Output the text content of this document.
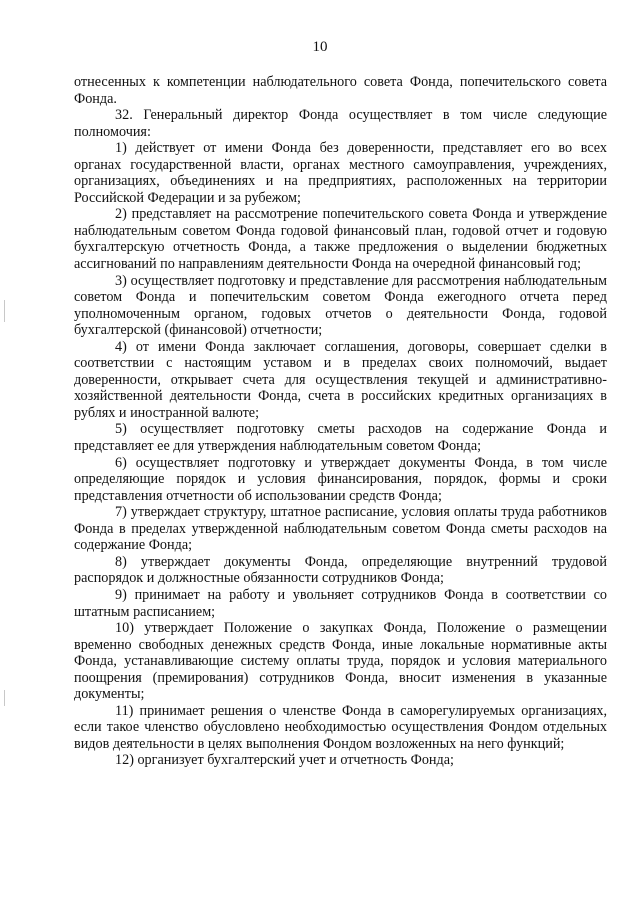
10

отнесенных к компетенции наблюдательного совета Фонда, попечительского совета Фонда.

32. Генеральный директор Фонда осуществляет в том числе следующие полномочия:

1) действует от имени Фонда без доверенности, представляет его во всех органах государственной власти, органах местного самоуправления, учреждениях, организациях, объединениях и на предприятиях, расположенных на территории Российской Федерации и за рубежом;

2) представляет на рассмотрение попечительского совета Фонда и утверждение наблюдательным советом Фонда годовой финансовый план, годовой отчет и годовую бухгалтерскую отчетность Фонда, а также предложения о выделении бюджетных ассигнований по направлениям деятельности Фонда на очередной финансовый год;

3) осуществляет подготовку и представление для рассмотрения наблюдательным советом Фонда и попечительским советом Фонда ежегодного отчета перед уполномоченным органом, годовых отчетов о деятельности Фонда, годовой бухгалтерской (финансовой) отчетности;

4) от имени Фонда заключает соглашения, договоры, совершает сделки в соответствии с настоящим уставом и в пределах своих полномочий, выдает доверенности, открывает счета для осуществления текущей и административно-хозяйственной деятельности Фонда, счета в российских кредитных организациях в рублях и иностранной валюте;

5) осуществляет подготовку сметы расходов на содержание Фонда и представляет ее для утверждения наблюдательным советом Фонда;

6) осуществляет подготовку и утверждает документы Фонда, в том числе определяющие порядок и условия финансирования, порядок, формы и сроки представления отчетности об использовании средств Фонда;

7) утверждает структуру, штатное расписание, условия оплаты труда работников Фонда в пределах утвержденной наблюдательным советом Фонда сметы расходов на содержание Фонда;

8) утверждает документы Фонда, определяющие внутренний трудовой распорядок и должностные обязанности сотрудников Фонда;

9) принимает на работу и увольняет сотрудников Фонда в соответствии со штатным расписанием;

10) утверждает Положение о закупках Фонда, Положение о размещении временно свободных денежных средств Фонда, иные локальные нормативные акты Фонда, устанавливающие систему оплаты труда, порядок и условия материального поощрения (премирования) сотрудников Фонда, вносит изменения в указанные документы;

11) принимает решения о членстве Фонда в саморегулируемых организациях, если такое членство обусловлено необходимостью осуществления Фондом отдельных видов деятельности в целях выполнения Фондом возложенных на него функций;

12) организует бухгалтерский учет и отчетность Фонда;
